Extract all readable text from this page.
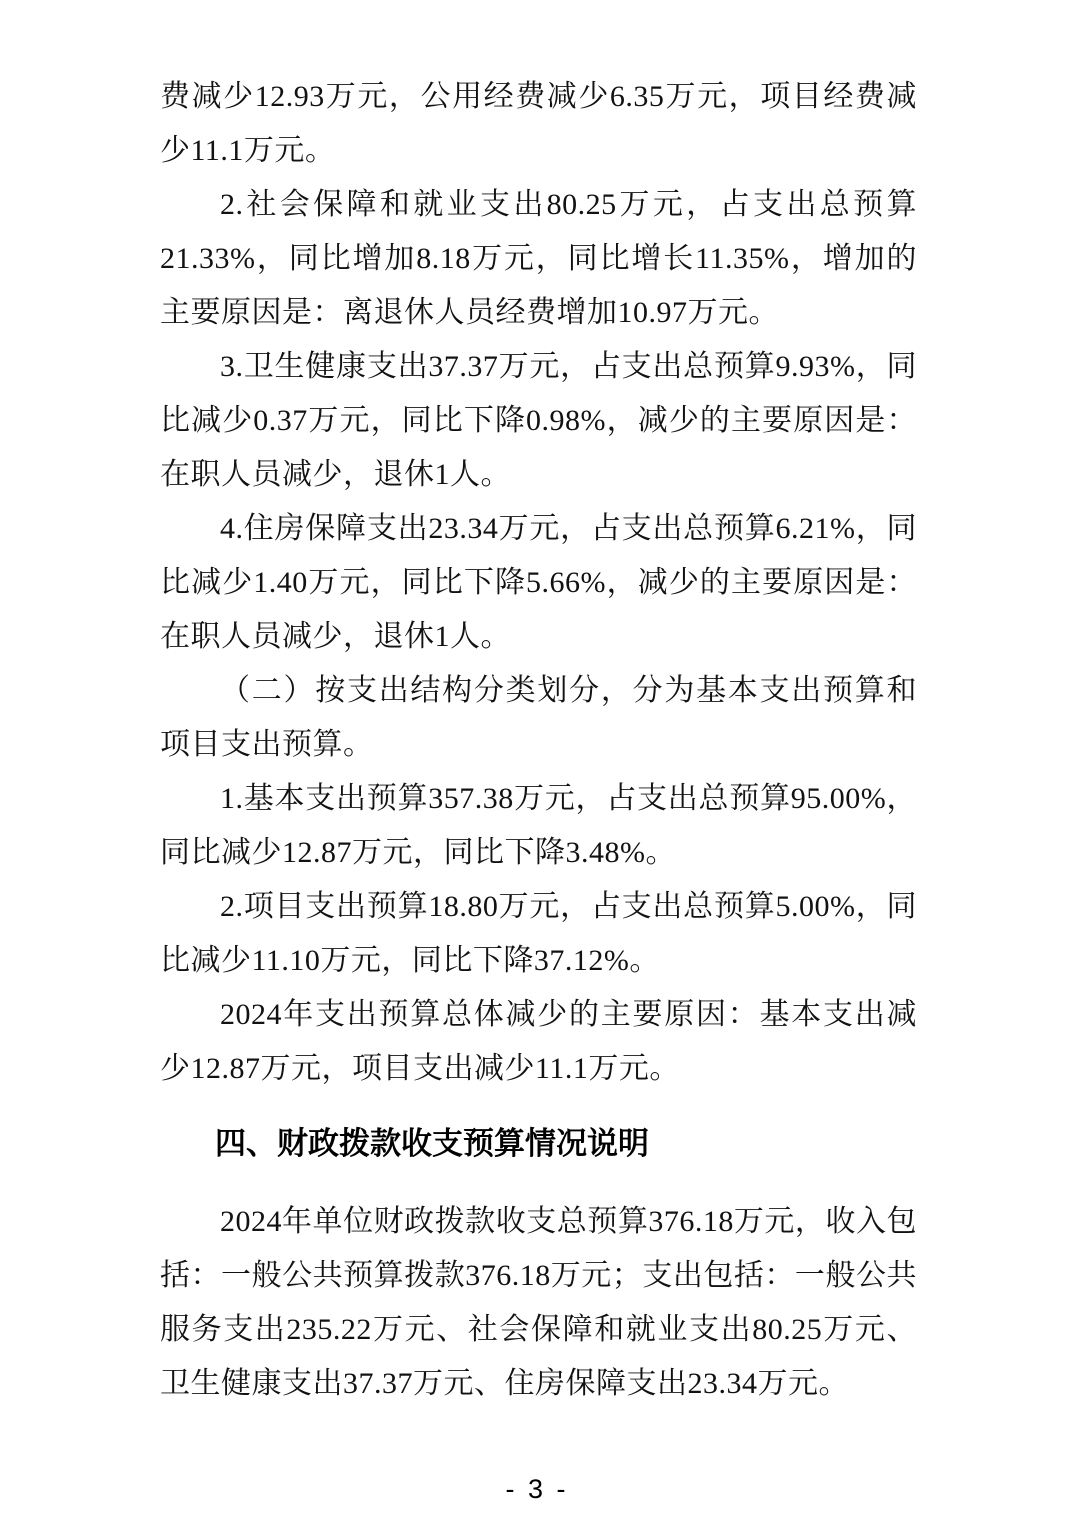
费减少12.93万元，公用经费减少6.35万元，项目经费减少11.1万元。

2.社会保障和就业支出80.25万元，占支出总预算21.33%，同比增加8.18万元，同比增长11.35%，增加的主要原因是：离退休人员经费增加10.97万元。

3.卫生健康支出37.37万元，占支出总预算9.93%，同比减少0.37万元，同比下降0.98%，减少的主要原因是：在职人员减少，退休1人。

4.住房保障支出23.34万元，占支出总预算6.21%，同比减少1.40万元，同比下降5.66%，减少的主要原因是：在职人员减少，退休1人。

（二）按支出结构分类划分，分为基本支出预算和项目支出预算。

1.基本支出预算357.38万元，占支出总预算95.00%，同比减少12.87万元，同比下降3.48%。

2.项目支出预算18.80万元，占支出总预算5.00%，同比减少11.10万元，同比下降37.12%。

2024年支出预算总体减少的主要原因：基本支出减少12.87万元，项目支出减少11.1万元。

四、财政拨款收支预算情况说明

2024年单位财政拨款收支总预算376.18万元，收入包括：一般公共预算拨款376.18万元；支出包括：一般公共服务支出235.22万元、社会保障和就业支出80.25万元、卫生健康支出37.37万元、住房保障支出23.34万元。

- 3 -
